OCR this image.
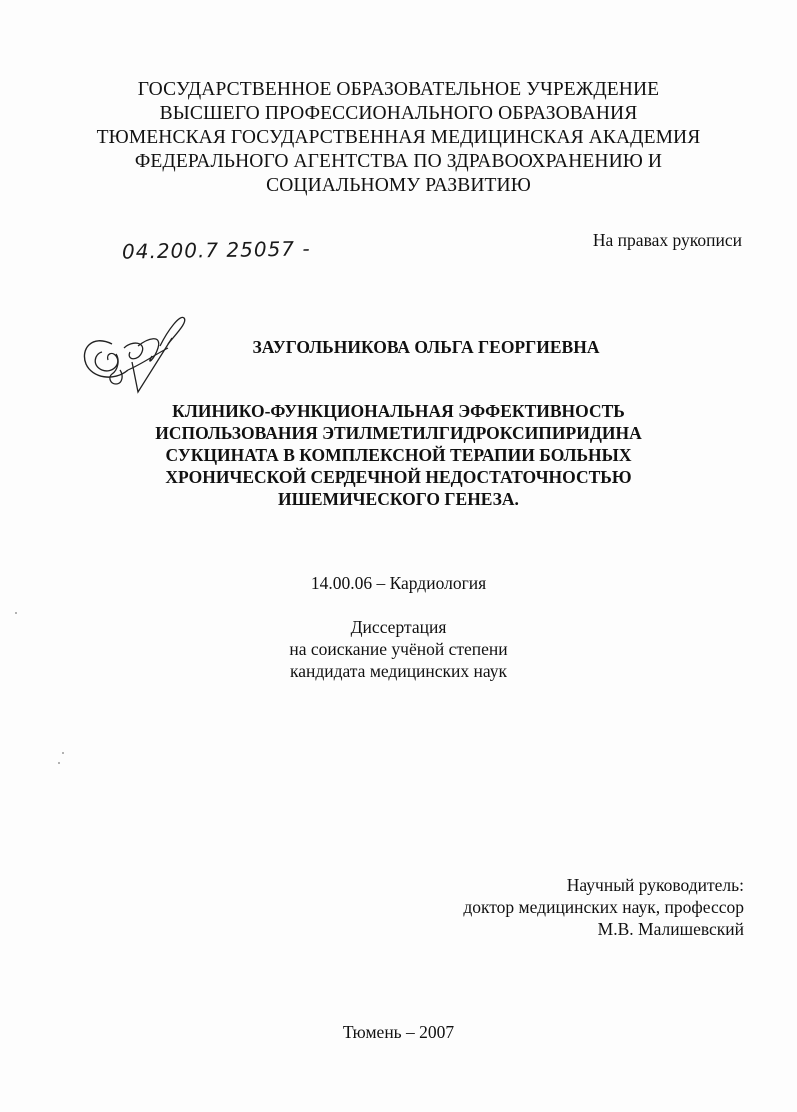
ГОСУДАРСТВЕННОЕ ОБРАЗОВАТЕЛЬНОЕ УЧРЕЖДЕНИЕ
ВЫСШЕГО ПРОФЕССИОНАЛЬНОГО ОБРАЗОВАНИЯ
ТЮМЕНСКАЯ ГОСУДАРСТВЕННАЯ МЕДИЦИНСКАЯ АКАДЕМИЯ
ФЕДЕРАЛЬНОГО АГЕНТСТВА ПО ЗДРАВООХРАНЕНИЮ И
СОЦИАЛЬНОМУ РАЗВИТИЮ
04.200.7 25057 -	На правах рукописи
ЗАУГОЛЬНИКОВА ОЛЬГА ГЕОРГИЕВНА
КЛИНИКО-ФУНКЦИОНАЛЬНАЯ ЭФФЕКТИВНОСТЬ
ИСПОЛЬЗОВАНИЯ ЭТИЛМЕТИЛГИДРОКСИПИРИДИНА
СУКЦИНАТА В КОМПЛЕКСНОЙ ТЕРАПИИ БОЛЬНЫХ
ХРОНИЧЕСКОЙ СЕРДЕЧНОЙ НЕДОСТАТОЧНОСТЬЮ
ИШЕМИЧЕСКОГО ГЕНЕЗА.
14.00.06 – Кардиология
Диссертация
на соискание учёной степени
кандидата медицинских наук
Научный руководитель:
доктор медицинских наук, профессор
М.В. Малишевский
Тюмень – 2007
